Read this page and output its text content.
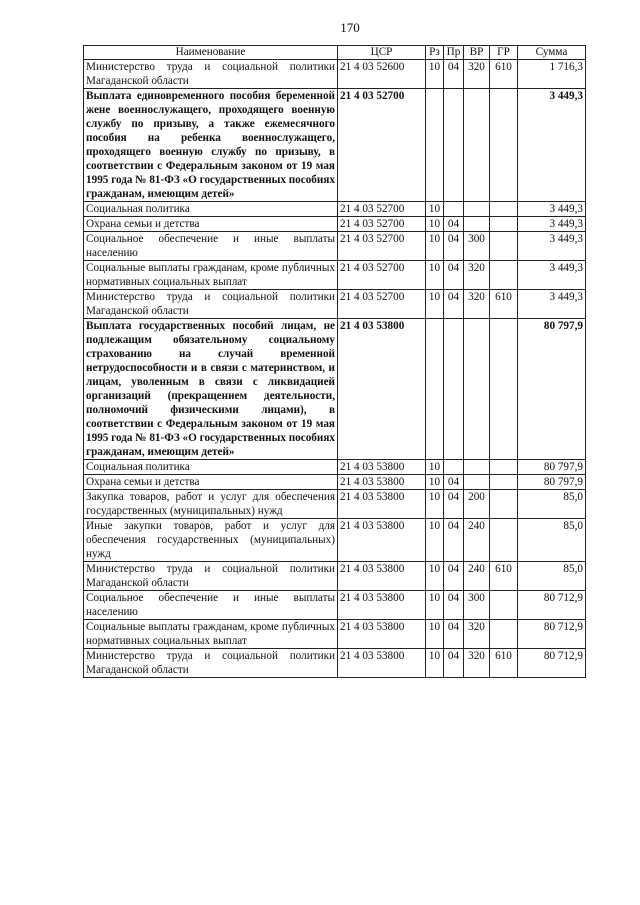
170
Наименование	ЦСР	Рз	Пр	ВР	ГР	Сумма
Министерство труда и социальной политики Магаданской области	21 4 03 52600	10	04	320	610	1 716,3
Выплата единовременного пособия беременной жене военнослужащего, проходящего военную службу по призыву, а также ежемесячного пособия на ребенка военнослужащего, проходящего военную службу по призыву, в соответствии с Федеральным законом от 19 мая 1995 года № 81-ФЗ «О государственных пособиях гражданам, имеющим детей»	21 4 03 52700					3 449,3
Социальная политика	21 4 03 52700	10				3 449,3
Охрана семьи и детства	21 4 03 52700	10	04			3 449,3
Социальное обеспечение и иные выплаты населению	21 4 03 52700	10	04	300		3 449,3
Социальные выплаты гражданам, кроме публичных нормативных социальных выплат	21 4 03 52700	10	04	320		3 449,3
Министерство труда и социальной политики Магаданской области	21 4 03 52700	10	04	320	610	3 449,3
Выплата государственных пособий лицам, не подлежащим обязательному социальному страхованию на случай временной нетрудоспособности и в связи с материнством, и лицам, уволенным в связи с ликвидацией организаций (прекращением деятельности, полномочий физическими лицами), в соответствии с Федеральным законом от 19 мая 1995 года № 81-ФЗ «О государственных пособиях гражданам, имеющим детей»	21 4 03 53800					80 797,9
Социальная политика	21 4 03 53800	10				80 797,9
Охрана семьи и детства	21 4 03 53800	10	04			80 797,9
Закупка товаров, работ и услуг для обеспечения государственных (муниципальных) нужд	21 4 03 53800	10	04	200		85,0
Иные закупки товаров, работ и услуг для обеспечения государственных (муниципальных) нужд	21 4 03 53800	10	04	240		85,0
Министерство труда и социальной политики Магаданской области	21 4 03 53800	10	04	240	610	85,0
Социальное обеспечение и иные выплаты населению	21 4 03 53800	10	04	300		80 712,9
Социальные выплаты гражданам, кроме публичных нормативных социальных выплат	21 4 03 53800	10	04	320		80 712,9
Министерство труда и социальной политики Магаданской области	21 4 03 53800	10	04	320	610	80 712,9
